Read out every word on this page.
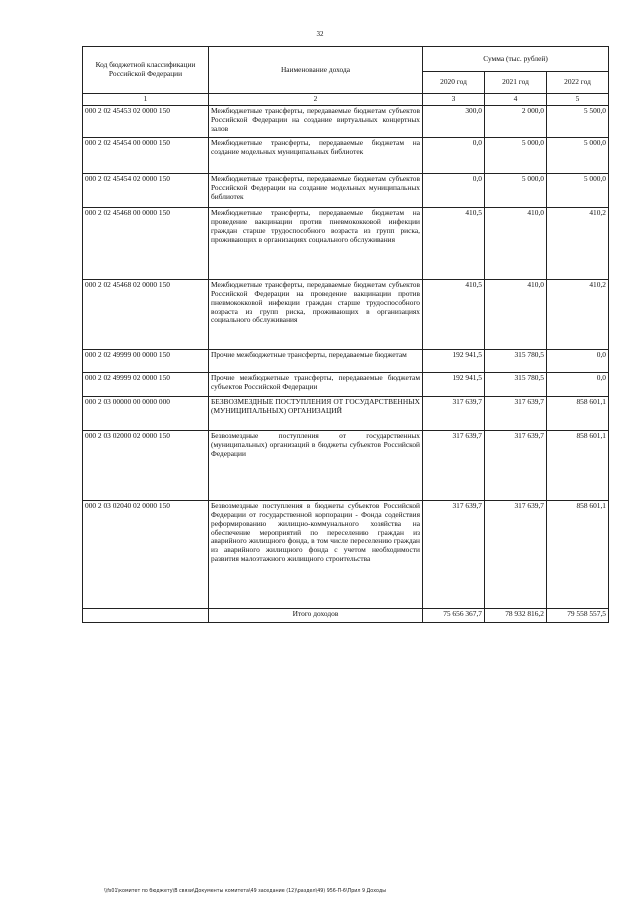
32
Код бюджетной классификации Российской Федерации	Наименование дохода	Сумма (тыс. рублей)		
		2020 год	2021 год	2022 год
1	2	3	4	5
000 2 02 45453 02 0000 150	Межбюджетные трансферты, передаваемые бюджетам субъектов Российской Федерации на создание виртуальных концертных залов	300,0	2 000,0	5 500,0
000 2 02 45454 00 0000 150	Межбюджетные трансферты, передаваемые бюджетам на создание модельных муниципальных библиотек	0,0	5 000,0	5 000,0
000 2 02 45454 02 0000 150	Межбюджетные трансферты, передаваемые бюджетам субъектов Российской Федерации на создание модельных муниципальных библиотек	0,0	5 000,0	5 000,0
000 2 02 45468 00 0000 150	Межбюджетные трансферты, передаваемые бюджетам на проведение вакцинации против пневмококковой инфекции граждан старше трудоспособного возраста из групп риска, проживающих в организациях социального обслуживания	410,5	410,0	410,2
000 2 02 45468 02 0000 150	Межбюджетные трансферты, передаваемые бюджетам субъектов Российской Федерации на проведение вакцинации против пневмококковой инфекции граждан старше трудоспособного возраста из групп риска, проживающих в организациях социального обслуживания	410,5	410,0	410,2
000 2 02 49999 00 0000 150	Прочие межбюджетные трансферты, передаваемые бюджетам	192 941,5	315 780,5	0,0
000 2 02 49999 02 0000 150	Прочие межбюджетные трансферты, передаваемые бюджетам субъектов Российской Федерации	192 941,5	315 780,5	0,0
000 2 03 00000 00 0000 000	БЕЗВОЗМЕЗДНЫЕ ПОСТУПЛЕНИЯ ОТ ГОСУДАРСТВЕННЫХ (МУНИЦИПАЛЬНЫХ) ОРГАНИЗАЦИЙ	317 639,7	317 639,7	858 601,1
000 2 03 02000 02 0000 150	Безвозмездные поступления от государственных (муниципальных) организаций в бюджеты субъектов Российской Федерации	317 639,7	317 639,7	858 601,1
000 2 03 02040 02 0000 150	Безвозмездные поступления в бюджеты субъектов Российской Федерации от государственной корпорации - Фонда содействия реформированию жилищно-коммунального хозяйства на обеспечение мероприятий по переселению граждан из аварийного жилищного фонда, в том числе переселению граждан из аварийного жилищного фонда с учетом необходимости развития малоэтажного жилищного строительства	317 639,7	317 639,7	858 601,1
	Итого доходов	75 656 367,7	78 932 816,2	79 558 557,5
\\fs01\комитет по бюджету\В связи\Документы комитета\49 заседание (12)\раздел\49) 956-П-6\Прил 9 Доходы
